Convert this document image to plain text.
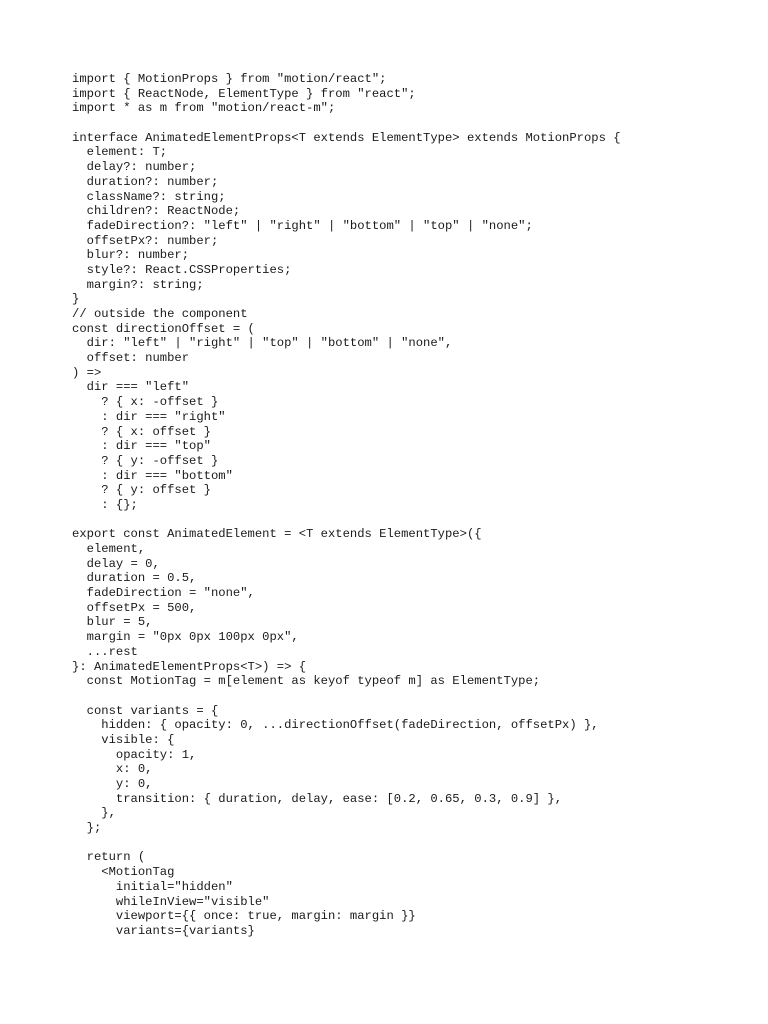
import { MotionProps } from "motion/react";
import { ReactNode, ElementType } from "react";
import * as m from "motion/react-m";
interface AnimatedElementProps<T extends ElementType> extends MotionProps {
element: T;
delay?: number;
duration?: number;
className?: string;
children?: ReactNode;
fadeDirection?: "left" | "right" | "bottom" | "top" | "none";
offsetPx?: number;
blur?: number;
style?: React.CSSProperties;
margin?: string;
}
// outside the component
const directionOffset = (
dir: "left" | "right" | "top" | "bottom" | "none",
offset: number
) =>
dir === "left"
? { x: -offset }
: dir === "right"
? { x: offset }
: dir === "top"
? { y: -offset }
: dir === "bottom"
? { y: offset }
: {};
export const AnimatedElement = <T extends ElementType>({
element,
delay = 0,
duration = 0.5,
fadeDirection = "none",
offsetPx = 500,
blur = 5,
margin = "0px 0px 100px 0px",
...rest
}: AnimatedElementProps<T>) => {
const MotionTag = m[element as keyof typeof m] as ElementType;
const variants = {
hidden: { opacity: 0, ...directionOffset(fadeDirection, offsetPx) },
visible: {
opacity: 1,
x: 0,
y: 0,
transition: { duration, delay, ease: [0.2, 0.65, 0.3, 0.9] },
},
};
return (
<MotionTag
initial="hidden"
whileInView="visible"
viewport={{ once: true, margin: margin }}
variants={variants}
